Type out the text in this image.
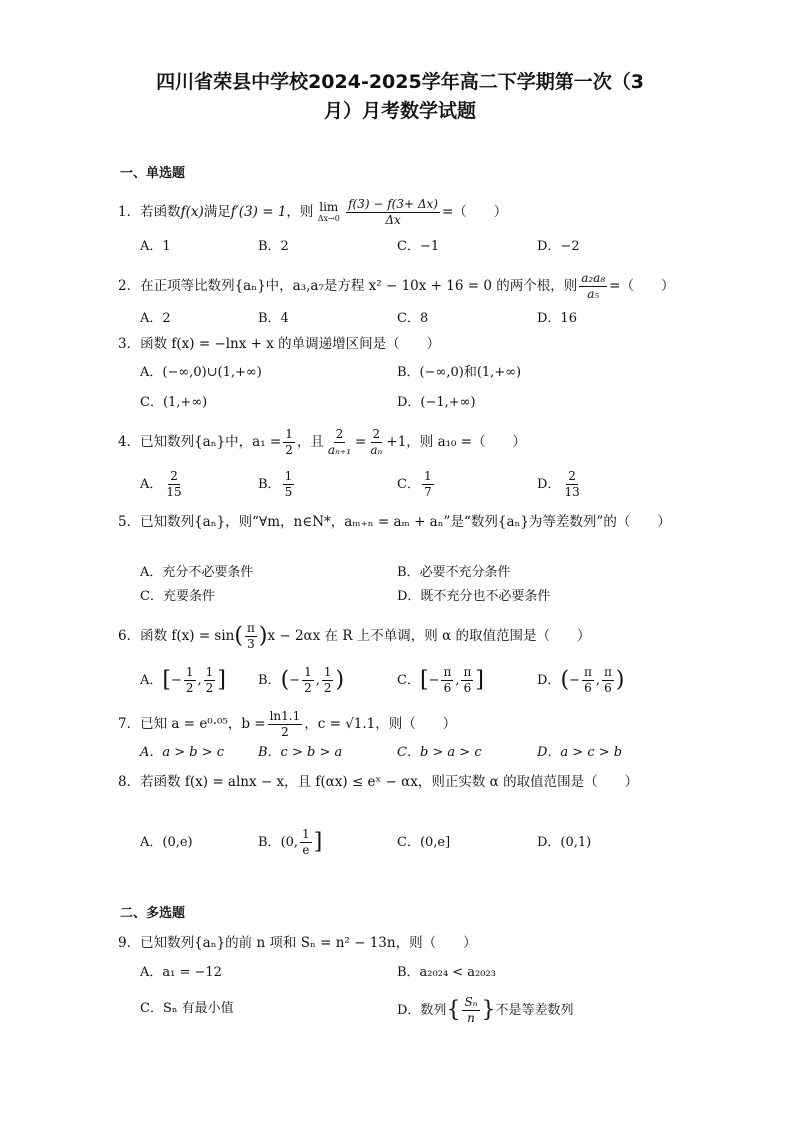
四川省荣县中学校2024-2025学年高二下学期第一次（3
月）月考数学试题
一、单选题
1．若函数f(x)满足f′(3) = 1，则 lim
Δx→0
$\frac{f(3) - f(3+ \Delta x)}{\Delta x}$ =（　　）
A．1	B．2	C．−1	D．−2
2．在正项等比数列{aₙ}中，a₃,a₇是方程 x² − 10x + 16 = 0 的两个根，则 $\frac{\text{a₂a₈}}{\text{a₅}}$ =（　　）
A．2	B．4	C．8	D．16
3．函数 f(x) = −lnx + x 的单调递增区间是（　　）
A．(−∞,0)∪(1,+∞)	B．(−∞,0)和(1,+∞)
C．(1,+∞)	D．(−1,+∞)
4．已知数列{aₙ}中，$a_1 = \frac{1}{2}$ ，且 $\frac{2}{\text{aₙ₊₁}} = \frac{2}{\text{aₙ}} +1$，则 a₁₀ =（　　）
A． $\frac{2}{15}$	B． $\frac{1}{5}$	C． $\frac{1}{7}$	D． $\frac{2}{13}$
5．已知数列{aₙ}，则“∀m，n∈N*，aₘ₊ₙ = aₘ + aₙ”是“数列{aₙ}为等差数列”的（　　）
A．充分不必要条件	B．必要不充分条件
C．充要条件	D．既不充分也不必要条件
6．函数 $f(x) = \sin( \frac{\pi}{3} )x - 2\alpha x$ 在 R 上不单调，则 α 的取值范围是（　　）
A．[− $\frac{1}{2}$ , $\frac{1}{2}$ ] B．(− $\frac{1}{2}$ , $\frac{1}{2}$ )	C．[− $\frac{\pi}{6}$ , $\frac{\pi}{6}$ ]	D．(− $\frac{\pi}{6}$ , $\frac{\pi}{6}$ )
7．已知 a = e⁰·⁰⁵，$b = \frac{\ln 1.1}{2}$ ，c = √1.1，则（　　）
A．a > b > c	B．c > b > a	C．b > a > c	D．a > c > b
8．若函数 f(x) = alnx − x，且 f(αx) ≤ eˣ − αx，则正实数 α 的取值范围是（　　）
A．(0,e)	B．(0, $\frac{1}{e}$ ]	C．(0,e]	D．(0,1)
二、多选题
9．已知数列{aₙ}的前 n 项和 Sₙ = n² − 13n，则（　　）
A．a₁ = −12	B．a₂₀₂₄ < a₂₀₂₃
C．Sₙ 有最小值	D．数列{ $\frac{\text{Sₙ}}{n}$ }不是等差数列
